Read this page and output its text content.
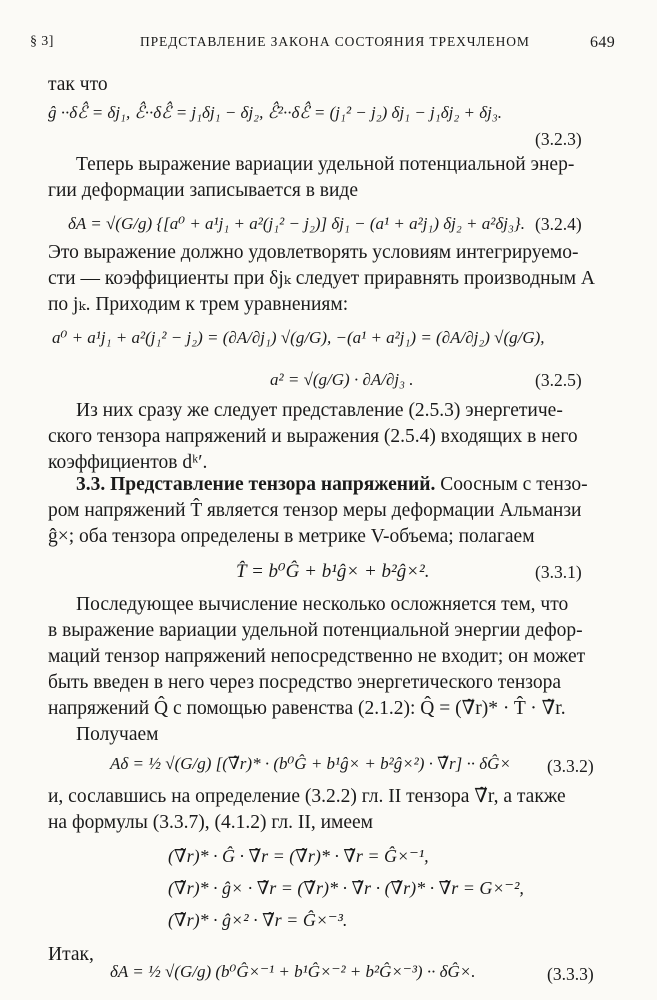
§ 3]	ПРЕДСТАВЛЕНИЕ ЗАКОНА СОСТОЯНИЯ ТРЕХЧЛЕНОМ	649
так что
ĝ ··δℰ̂ = δj₁, ℰ̂··δℰ̂ = j₁δj₁ − δj₂, ℰ̂²··δℰ̂ = (j₁² − j₂) δj₁ − j₁δj₂ + δj₃.
(3.2.3)
Теперь выражение вариации удельной потенциальной энер-
гии деформации записывается в виде
δA = √(G/g) {[a⁰ + a¹j₁ + a²(j₁² − j₂)] δj₁ − (a¹ + a²j₁) δj₂ + a²δj₃}. (3.2.4)
Это выражение должно удовлетворять условиям интегрируемо-
сти — коэффициенты при δjₖ следует приравнять производным A
по jₖ. Приходим к трем уравнениям:
a⁰ + a¹j₁ + a²(j₁² − j₂) = (∂A/∂j₁) √(g/G), −(a¹ + a²j₁) = (∂A/∂j₂) √(g/G),
a² = √(g/G) · ∂A/∂j₃ .	(3.2.5)
Из них сразу же следует представление (2.5.3) энергетиче-
ского тензора напряжений и выражения (2.5.4) входящих в него
коэффициентов dᵏ′.
3.3. Представление тензора напряжений. Соосным с тензо-
ром напряжений T̂ является тензор меры деформации Альманзи
ĝ×; оба тензора определены в метрике V-объема; полагаем
T̂ = b⁰Ĝ + b¹ĝ× + b²ĝ×².	(3.3.1)
Последующее вычисление несколько осложняется тем, что
в выражение вариации удельной потенциальной энергии дефор-
маций тензор напряжений непосредственно не входит; он может
быть введен в него через посредство энергетического тензора
напряжений Q̂ с помощью равенства (2.1.2): Q̂ = (∇̃r)* · T̂ · ∇̃r.
Получаем
Aδ = ½ √(G/g) [(∇̃r)* · (b⁰Ĝ + b¹ĝ× + b²ĝ×²) · ∇̃r] ·· δĜ× (3.3.2)
и, сославшись на определение (3.2.2) гл. II тензора ∇̃r, а также
на формулы (3.3.7), (4.1.2) гл. II, имеем
(∇̃r)* · Ĝ · ∇̃r = (∇̃r)* · ∇̃r = Ĝ×⁻¹,
(∇̃r)* · ĝ× · ∇̃r = (∇̃r)* · ∇̃r · (∇̃r)* · ∇̃r = G×⁻²,
(∇̃r)* · ĝ×² · ∇̃r = Ĝ×⁻³.
Итак,
δA = ½ √(G/g) (b⁰Ĝ×⁻¹ + b¹Ĝ×⁻² + b²Ĝ×⁻³) ·· δĜ×.	(3.3.3)
